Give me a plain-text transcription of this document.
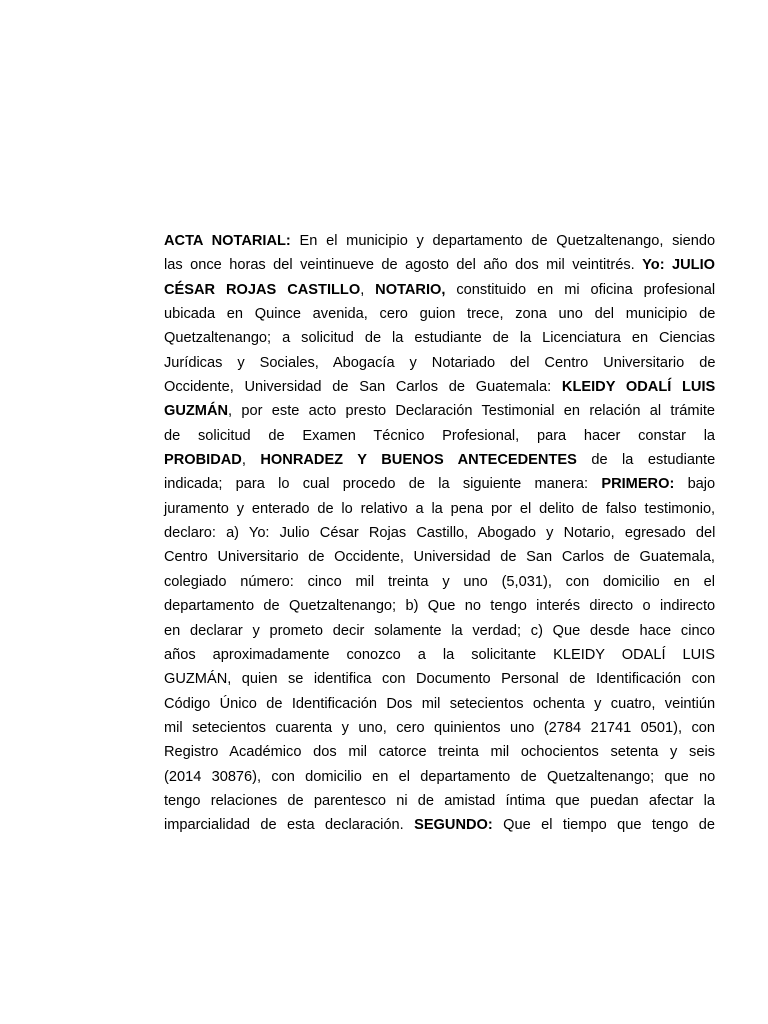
ACTA NOTARIAL: En el municipio y departamento de Quetzaltenango, siendo
las once horas del veintinueve de agosto del año dos mil veintitrés. Yo: JULIO
CÉSAR ROJAS CASTILLO, NOTARIO, constituido en mi oficina profesional
ubicada en Quince avenida, cero guion trece, zona uno del municipio de
Quetzaltenango; a solicitud de la estudiante de la Licenciatura en Ciencias
Jurídicas y Sociales, Abogacía y Notariado del Centro Universitario de
Occidente, Universidad de San Carlos de Guatemala: KLEIDY ODALÍ LUIS
GUZMÁN, por este acto presto Declaración Testimonial en relación al trámite
de solicitud de Examen Técnico Profesional, para hacer constar la
PROBIDAD, HONRADEZ Y BUENOS ANTECEDENTES de la estudiante
indicada; para lo cual procedo de la siguiente manera: PRIMERO: bajo
juramento y enterado de lo relativo a la pena por el delito de falso testimonio,
declaro: a) Yo: Julio César Rojas Castillo, Abogado y Notario, egresado del
Centro Universitario de Occidente, Universidad de San Carlos de Guatemala,
colegiado número: cinco mil treinta y uno (5,031), con domicilio en el
departamento de Quetzaltenango; b) Que no tengo interés directo o indirecto
en declarar y prometo decir solamente la verdad; c) Que desde hace cinco
años aproximadamente conozco a la solicitante KLEIDY ODALÍ LUIS
GUZMÁN, quien se identifica con Documento Personal de Identificación con
Código Único de Identificación Dos mil setecientos ochenta y cuatro, veintiún
mil setecientos cuarenta y uno, cero quinientos uno (2784 21741 0501), con
Registro Académico dos mil catorce treinta mil ochocientos setenta y seis
(2014 30876), con domicilio en el departamento de Quetzaltenango; que no
tengo relaciones de parentesco ni de amistad íntima que puedan afectar la
imparcialidad de esta declaración. SEGUNDO: Que el tiempo que tengo de
